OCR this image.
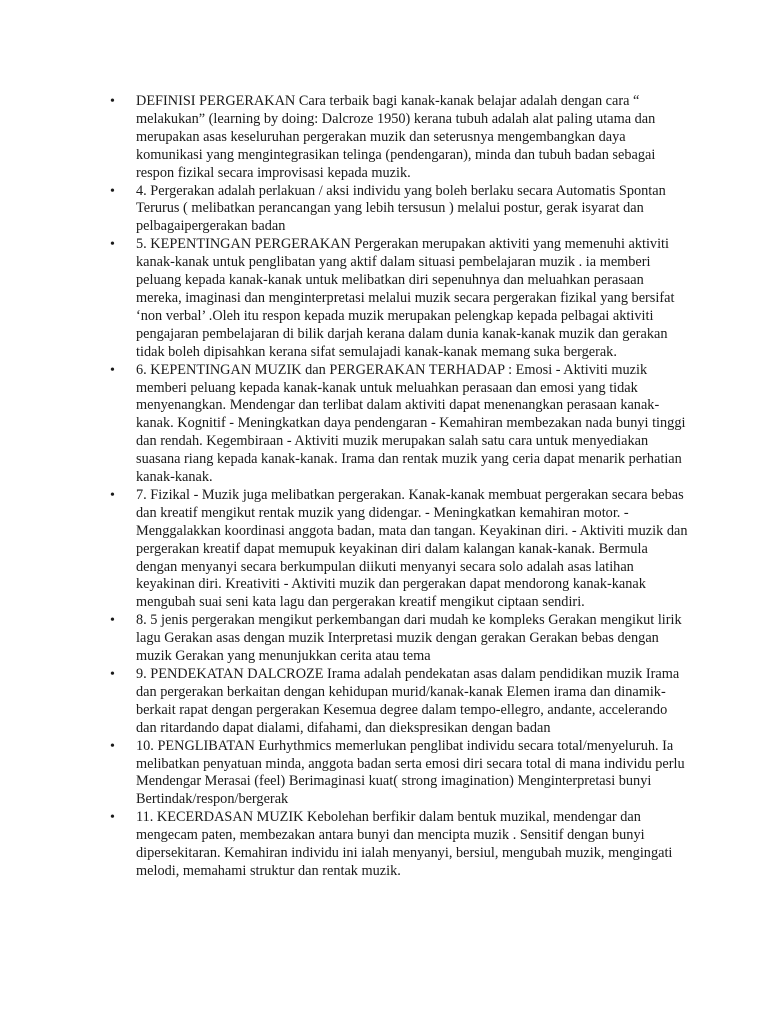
• DEFINISI PERGERAKAN Cara terbaik bagi kanak-kanak belajar adalah dengan cara “ melakukan” (learning by doing: Dalcroze 1950) kerana tubuh adalah alat paling utama dan merupakan asas keseluruhan pergerakan muzik dan seterusnya mengembangkan daya komunikasi yang mengintegrasikan telinga (pendengaran), minda dan tubuh badan sebagai respon fizikal secara improvisasi kepada muzik.
• 4. Pergerakan adalah perlakuan / aksi individu yang boleh berlaku secara Automatis Spontan Terurus ( melibatkan perancangan yang lebih tersusun ) melalui postur, gerak isyarat dan pelbagaipergerakan badan
• 5. KEPENTINGAN PERGERAKAN Pergerakan merupakan aktiviti yang memenuhi aktiviti kanak-kanak untuk penglibatan yang aktif dalam situasi pembelajaran muzik . ia memberi peluang kepada kanak-kanak untuk melibatkan diri sepenuhnya dan meluahkan perasaan mereka, imaginasi dan menginterpretasi melalui muzik secara pergerakan fizikal yang bersifat ‘non verbal’ .Oleh itu respon kepada muzik merupakan pelengkap kepada pelbagai aktiviti pengajaran pembelajaran di bilik darjah kerana dalam dunia kanak-kanak muzik dan gerakan tidak boleh dipisahkan kerana sifat semulajadi kanak-kanak memang suka bergerak.
• 6. KEPENTINGAN MUZIK dan PERGERAKAN TERHADAP : Emosi - Aktiviti muzik memberi peluang kepada kanak-kanak untuk meluahkan perasaan dan emosi yang tidak menyenangkan. Mendengar dan terlibat dalam aktiviti dapat menenangkan perasaan kanak-kanak. Kognitif - Meningkatkan daya pendengaran - Kemahiran membezakan nada bunyi tinggi dan rendah. Kegembiraan - Aktiviti muzik merupakan salah satu cara untuk menyediakan suasana riang kepada kanak-kanak. Irama dan rentak muzik yang ceria dapat menarik perhatian kanak-kanak.
• 7. Fizikal - Muzik juga melibatkan pergerakan. Kanak-kanak membuat pergerakan secara bebas dan kreatif mengikut rentak muzik yang didengar. - Meningkatkan kemahiran motor. - Menggalakkan koordinasi anggota badan, mata dan tangan. Keyakinan diri. - Aktiviti muzik dan pergerakan kreatif dapat memupuk keyakinan diri dalam kalangan kanak-kanak. Bermula dengan menyanyi secara berkumpulan diikuti menyanyi secara solo adalah asas latihan keyakinan diri. Kreativiti - Aktiviti muzik dan pergerakan dapat mendorong kanak-kanak mengubah suai seni kata lagu dan pergerakan kreatif mengikut ciptaan sendiri.
• 8. 5 jenis pergerakan mengikut perkembangan dari mudah ke kompleks Gerakan mengikut lirik lagu Gerakan asas dengan muzik Interpretasi muzik dengan gerakan Gerakan bebas dengan muzik Gerakan yang menunjukkan cerita atau tema
• 9. PENDEKATAN DALCROZE Irama adalah pendekatan asas dalam pendidikan muzik Irama dan pergerakan berkaitan dengan kehidupan murid/kanak-kanak Elemen irama dan dinamik-berkait rapat dengan pergerakan Kesemua degree dalam tempo-ellegro, andante, accelerando dan ritardando dapat dialami, difahami, dan diekspresikan dengan badan
• 10. PENGLIBATAN Eurhythmics memerlukan penglibat individu secara total/menyeluruh. Ia melibatkan penyatuan minda, anggota badan serta emosi diri secara total di mana individu perlu Mendengar Merasai (feel) Berimaginasi kuat( strong imagination) Menginterpretasi bunyi Bertindak/respon/bergerak
• 11. KECERDASAN MUZIK Kebolehan berfikir dalam bentuk muzikal, mendengar dan mengecam paten, membezakan antara bunyi dan mencipta muzik . Sensitif dengan bunyi dipersekitaran. Kemahiran individu ini ialah menyanyi, bersiul, mengubah muzik, mengingati melodi, memahami struktur dan rentak muzik.
